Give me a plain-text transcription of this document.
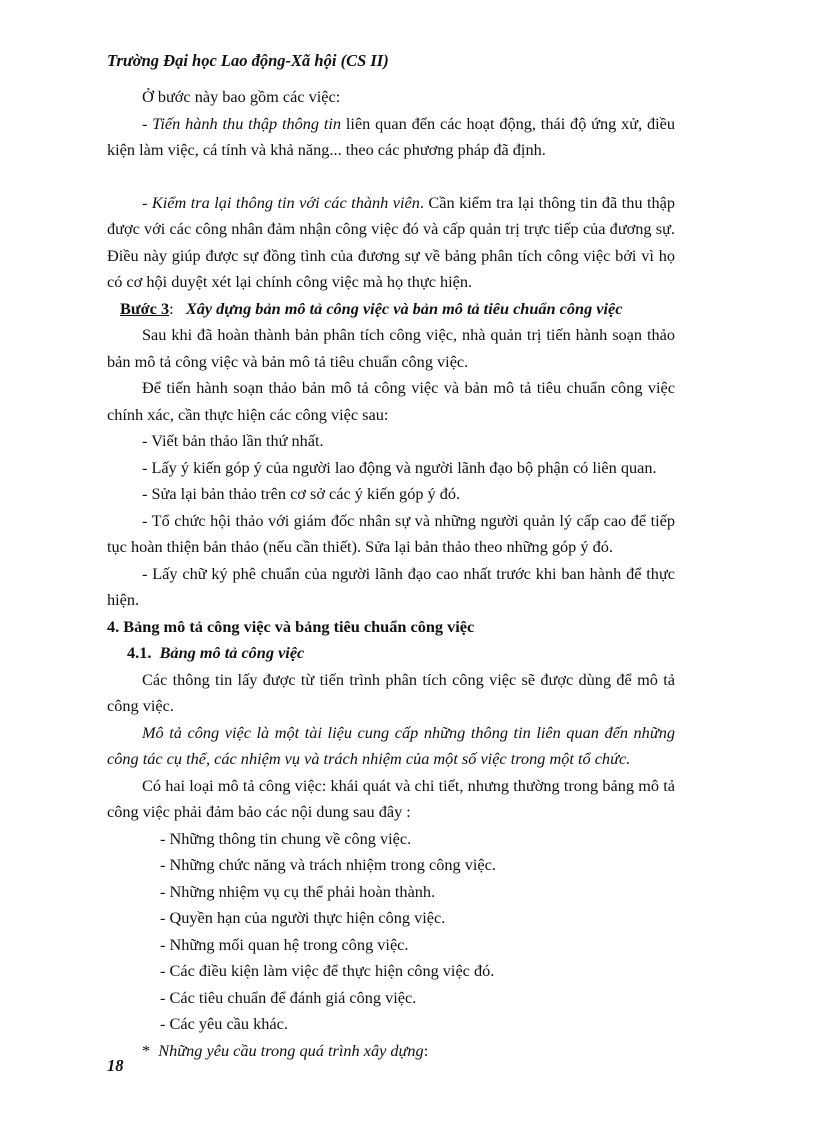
Trường Đại học Lao động-Xã hội (CS II)

Ở bước này bao gồm các việc:

- Tiến hành thu thập thông tin liên quan đến các hoạt động, thái độ ứng xử, điều kiện làm việc, cá tính và khả năng... theo các phương pháp đã định.

- Kiểm tra lại thông tin với các thành viên. Cần kiểm tra lại thông tin đã thu thập được với các công nhân đảm nhận công việc đó và cấp quản trị trực tiếp của đương sự. Điều này giúp được sự đồng tình của đương sự về bảng phân tích công việc bởi vì họ có cơ hội duyệt xét lại chính công việc mà họ thực hiện.

Bước 3: Xây dựng bản mô tả công việc và bản mô tả tiêu chuẩn công việc

Sau khi đã hoàn thành bản phân tích công việc, nhà quản trị tiến hành soạn thảo bản mô tả công việc và bản mô tả tiêu chuẩn công việc.

Để tiến hành soạn thảo bản mô tả công việc và bản mô tả tiêu chuẩn công việc chính xác, cần thực hiện các công việc sau:

- Viết bản thảo lần thứ nhất.

- Lấy ý kiến góp ý của người lao động và người lãnh đạo bộ phận có liên quan.

- Sửa lại bản thảo trên cơ sở các ý kiến góp ý đó.

- Tổ chức hội thảo với giám đốc nhân sự và những người quản lý cấp cao để tiếp tục hoàn thiện bản thảo (nếu cần thiết). Sửa lại bản thảo theo những góp ý đó.

- Lấy chữ ký phê chuẩn của người lãnh đạo cao nhất trước khi ban hành để thực hiện.

4. Bảng mô tả công việc và bảng tiêu chuẩn công việc

4.1. Bảng mô tả công việc

Các thông tin lấy được từ tiến trình phân tích công việc sẽ được dùng để mô tả công việc.

Mô tả công việc là một tài liệu cung cấp những thông tin liên quan đến những công tác cụ thể, các nhiệm vụ và trách nhiệm của một số việc trong một tổ chức.

Có hai loại mô tả công việc: khái quát và chi tiết, nhưng thường trong bảng mô tả công việc phải đảm bảo các nội dung sau đây :

- Những thông tin chung về công việc.
- Những chức năng và trách nhiệm trong công việc.
- Những nhiệm vụ cụ thể phải hoàn thành.
- Quyền hạn của người thực hiện công việc.
- Những mối quan hệ trong công việc.
- Các điều kiện làm việc để thực hiện công việc đó.
- Các tiêu chuẩn để đánh giá công việc.
- Các yêu cầu khác.

* Những yêu cầu trong quá trình xây dựng:

18
